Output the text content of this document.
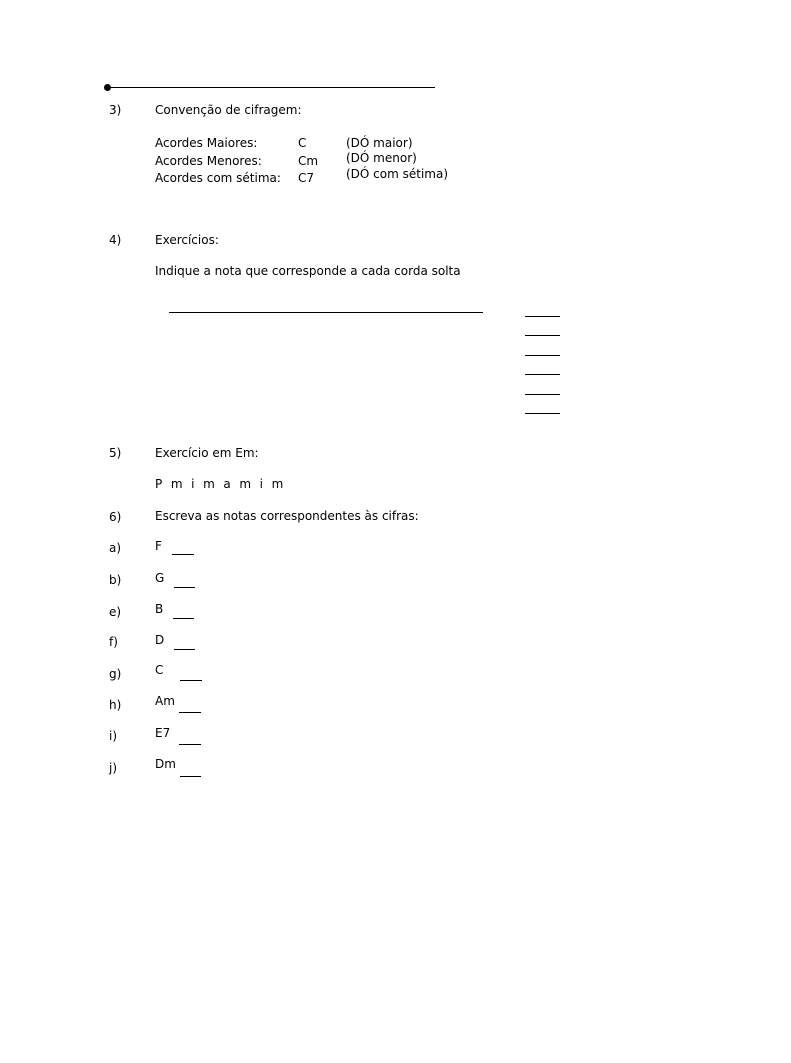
3)	Convenção de cifragem:
Acordes Maiores:	C	(DÓ maior)
Acordes Menores:	Cm (DÓ menor)
Acordes com sétima: C7	(DÓ com sétima)
4)	Exercícios:
Indique a nota que corresponde a cada corda solta
5)	Exercício em Em:
P m i m a m i m
6)	Escreva as notas correspondentes às cifras:
a)	F
b)	G
e)	B
f)	D
g)	C
h)	Am
i)	E7
j)	Dm
